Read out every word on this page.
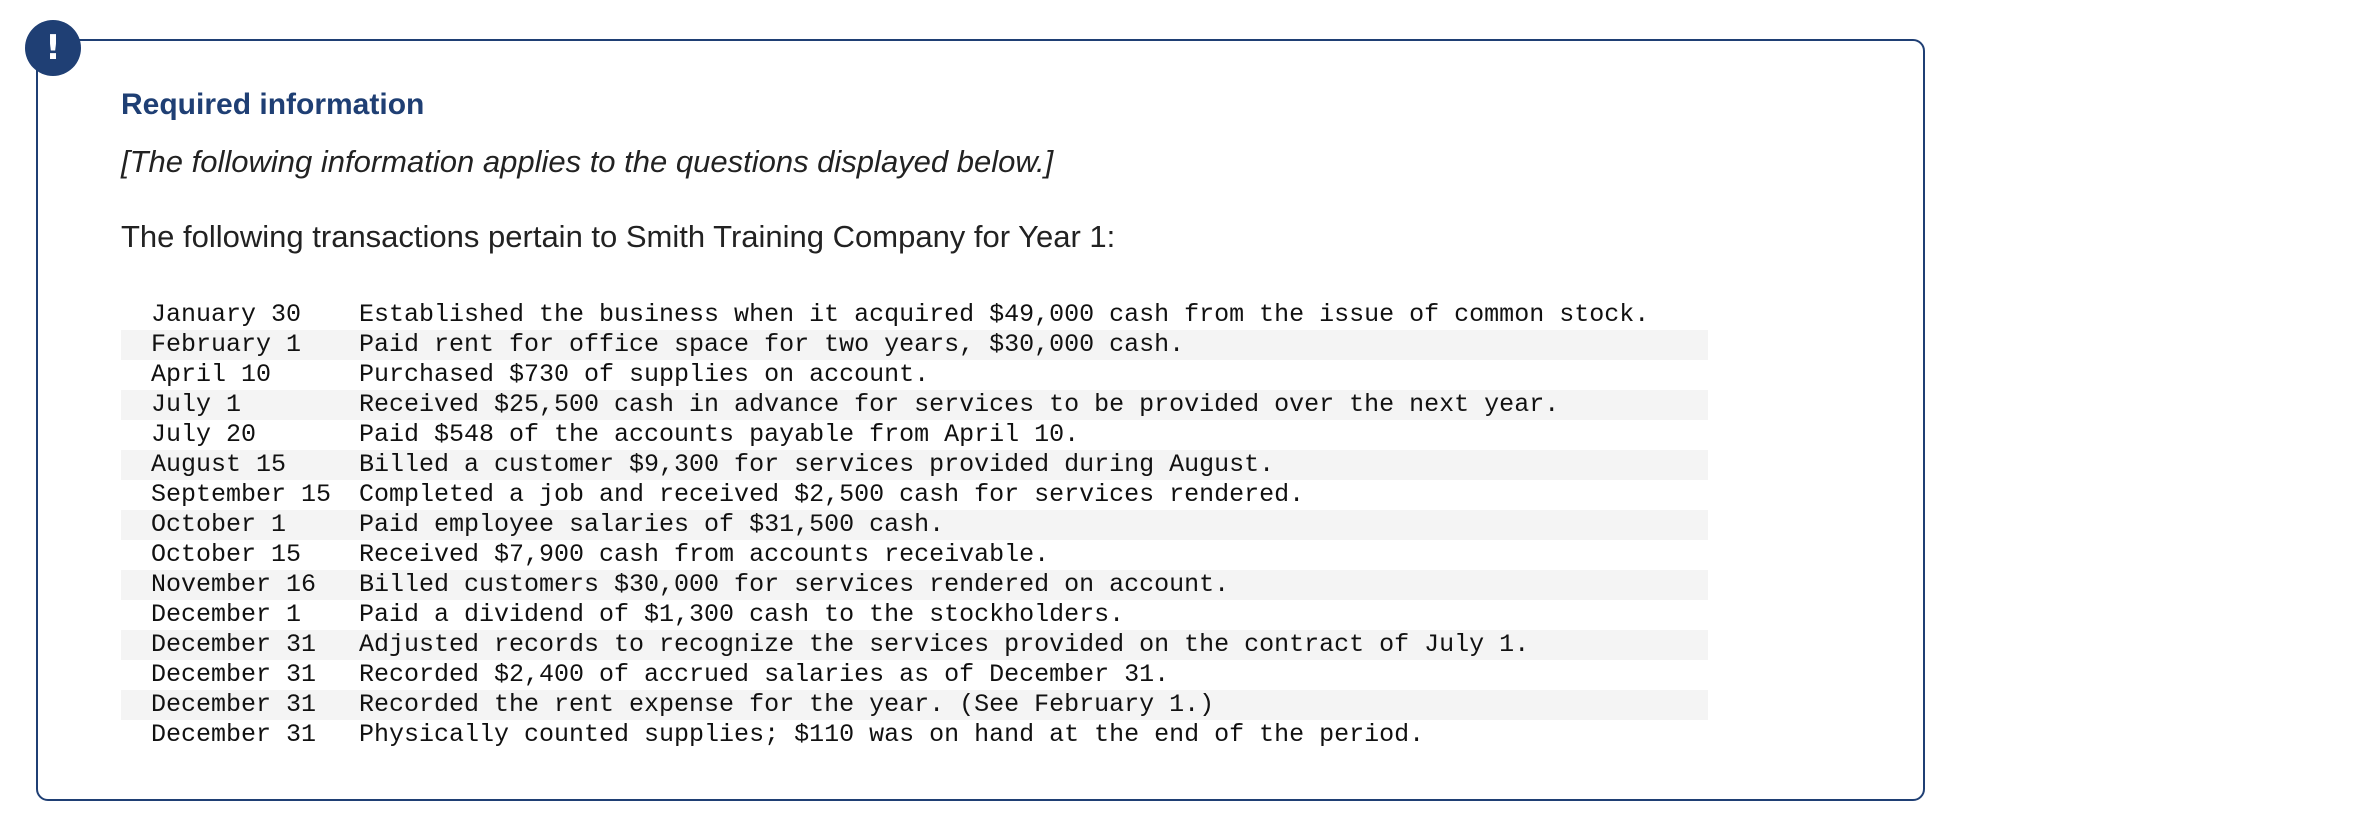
!
Required information

[The following information applies to the questions displayed below.]

The following transactions pertain to Smith Training Company for Year 1:

January 30	Established the business when it acquired $49,000 cash from the issue of common stock.
February 1	Paid rent for office space for two years, $30,000 cash.
April 10	Purchased $730 of supplies on account.
July 1	Received $25,500 cash in advance for services to be provided over the next year.
July 20	Paid $548 of the accounts payable from April 10.
August 15	Billed a customer $9,300 for services provided during August.
September 15	Completed a job and received $2,500 cash for services rendered.
October 1	Paid employee salaries of $31,500 cash.
October 15	Received $7,900 cash from accounts receivable.
November 16	Billed customers $30,000 for services rendered on account.
December 1	Paid a dividend of $1,300 cash to the stockholders.
December 31	Adjusted records to recognize the services provided on the contract of July 1.
December 31	Recorded $2,400 of accrued salaries as of December 31.
December 31	Recorded the rent expense for the year. (See February 1.)
December 31	Physically counted supplies; $110 was on hand at the end of the period.
